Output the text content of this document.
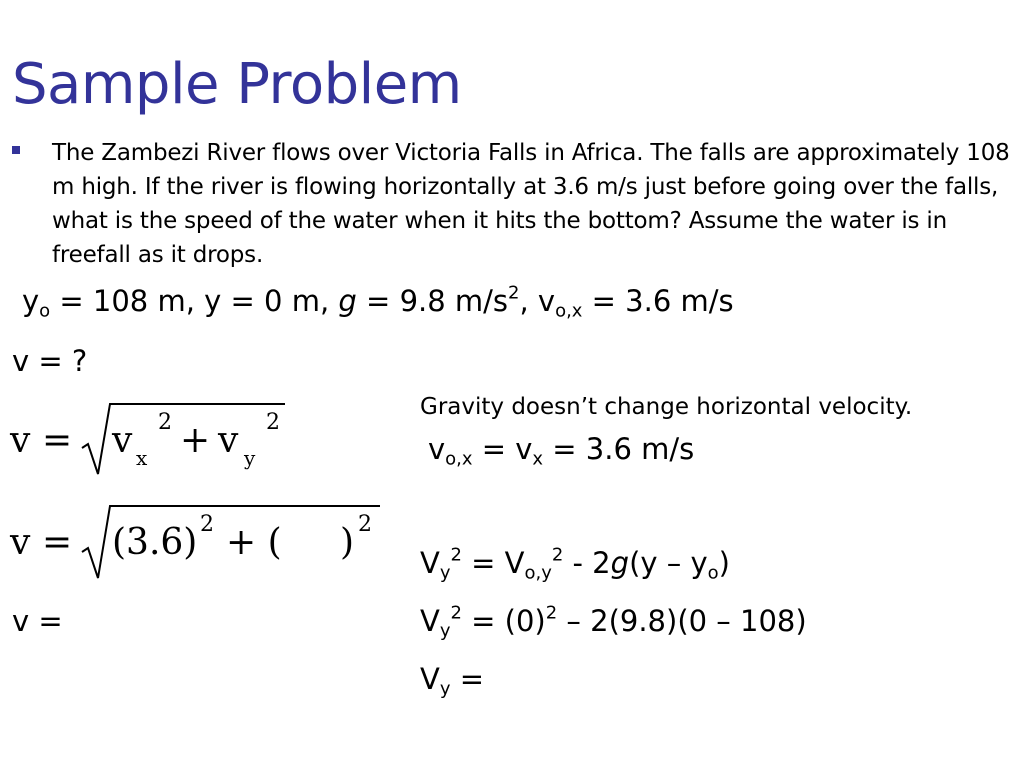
Sample Problem
The Zambezi River flows over Victoria Falls in Africa. The falls are approximately 108 m high. If the river is flowing horizontally at 3.6 m/s just before going over the falls, what is the speed of the water when it hits the bottom? Assume the water is in freefall as it drops.
$y_o = 108$ m, y = 0 m, g = 9.8 $m/s^2$, $v_{o,x} = 3.6$ m/s
v = ?
v = v x
2 + v y
2
v = (3.6) 2 + ( ) 2
v =
Gravity doesn’t change horizontal velocity.
$v_{o,x} = v_x = 3.6$ m/s
$V_y^2 = V_{o,y}^2 - 2g(y - y_o)$
$V_y^2 = (0)^2 - 2(9.8)(0 - 108)$
$V_y$ =
